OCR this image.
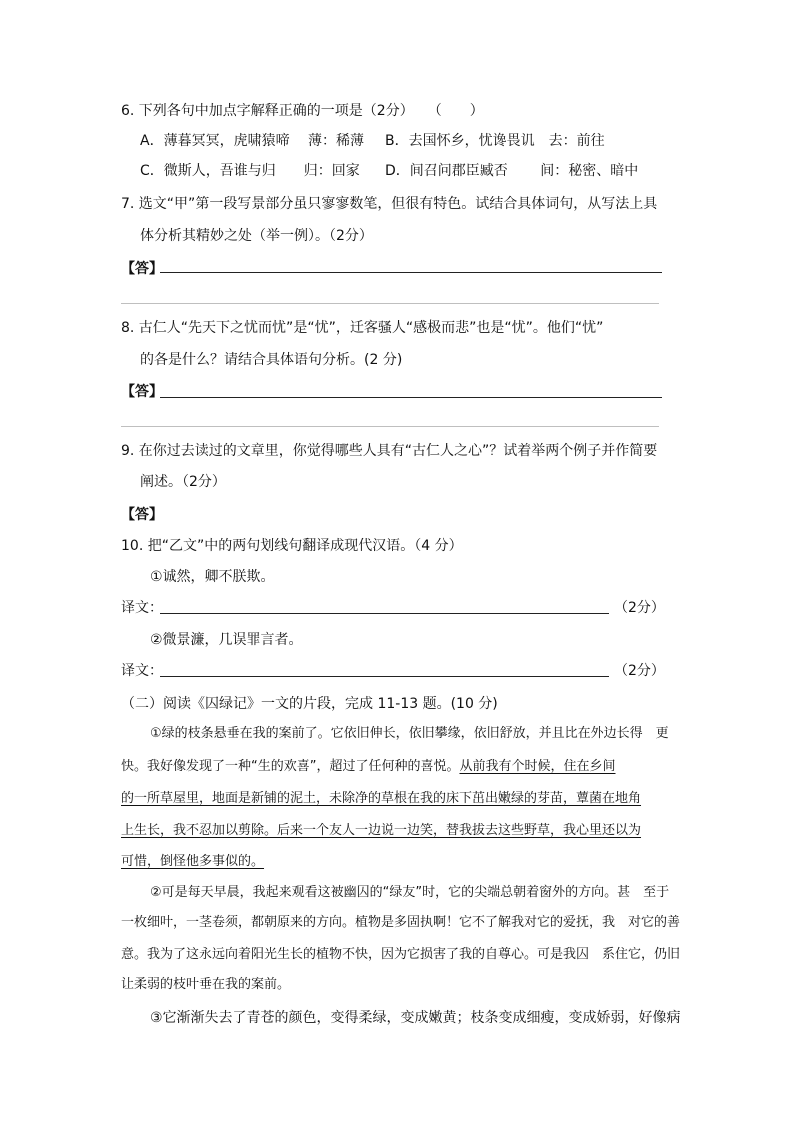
6. 下列各句中加点字解释正确的一项是（2分）　　（　　）
A．薄暮冥冥，虎啸猿啼　 薄：稀薄 B．去国怀乡，忧谗畏讥　去：前往
C．微斯人，吾谁与归　　归：回家 D．间召问郡臣臧否　　 间：秘密、暗中
7. 选文“甲”第一段写景部分虽只寥寥数笔，但很有特色。试结合具体词句，从写法上具
体分析其精妙之处（举一例）。（2分）
【答】
8. 古仁人“先天下之忧而忧”是“忧”，迁客骚人“感极而悲”也是“忧”。他们“忧”
的各是什么？请结合具体语句分析。(2 分)
【答】
9. 在你过去读过的文章里，你觉得哪些人具有“古仁人之心”？试着举两个例子并作简要
阐述。（2分）
【答】
10. 把“乙文”中的两句划线句翻译成现代汉语。（4 分）
①诚然，卿不朕欺。
译文：	（2分）
②微景濂，几误罪言者。
译文：	（2分）
（二）阅读《囚绿记》一文的片段，完成 11-13 题。(10 分)
①绿的枝条悬垂在我的案前了。它依旧伸长，依旧攀缘，依旧舒放，并且比在外边长得　更
快。我好像发现了一种“生的欢喜”，超过了任何种的喜悦。从前我有个时候，住在乡间
的一所草屋里，地面是新铺的泥土，未除净的草根在我的床下茁出嫩绿的芽苗，蕈菌在地角
上生长，我不忍加以剪除。后来一个友人一边说一边笑，替我拔去这些野草，我心里还以为
可惜，倒怪他多事似的。
②可是每天早晨，我起来观看这被幽囚的“绿友”时，它的尖端总朝着窗外的方向。甚　至于
一枚细叶，一茎卷须，都朝原来的方向。植物是多固执啊！它不了解我对它的爱抚，我　对它的善
意。我为了这永远向着阳光生长的植物不快，因为它损害了我的自尊心。可是我囚　系住它，仍旧
让柔弱的枝叶垂在我的案前。
③它渐渐失去了青苍的颜色，变得柔绿，变成嫩黄；枝条变成细瘦，变成娇弱，好像病
